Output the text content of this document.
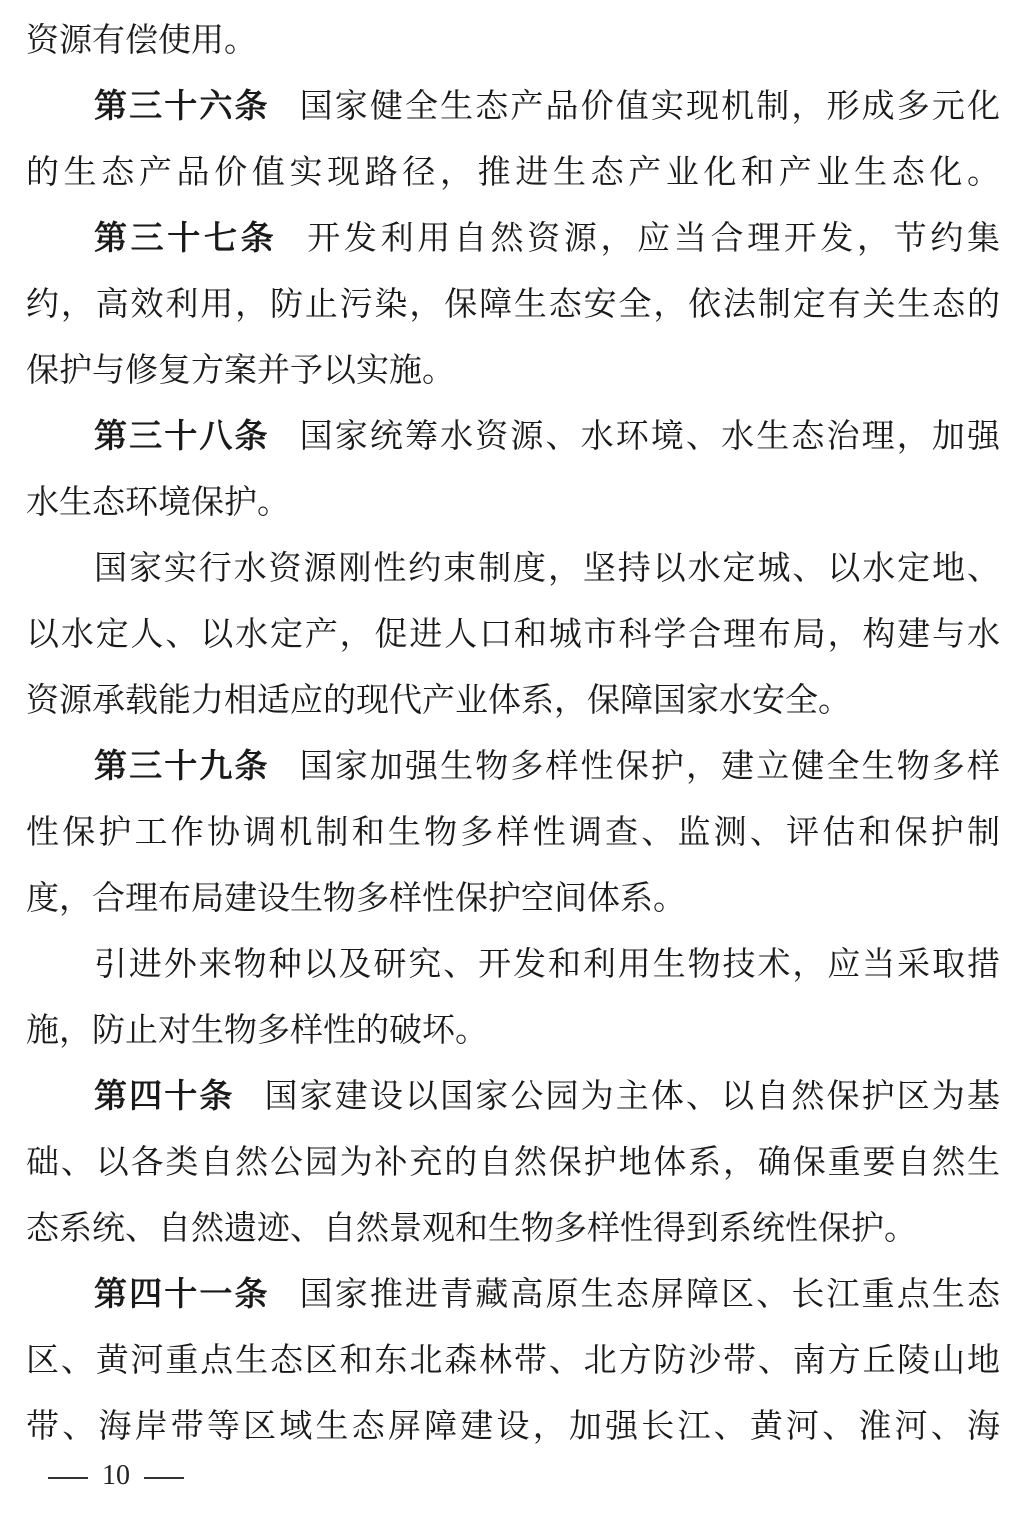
资源有偿使用。
第三十六条 国家健全生态产品价值实现机制，形成多元化
的生态产品价值实现路径，推进生态产业化和产业生态化。
第三十七条 开发利用自然资源，应当合理开发，节约集
约，高效利用，防止污染，保障生态安全，依法制定有关生态的
保护与修复方案并予以实施。
第三十八条 国家统筹水资源、水环境、水生态治理，加强
水生态环境保护。
国家实行水资源刚性约束制度，坚持以水定城、以水定地、
以水定人、以水定产，促进人口和城市科学合理布局，构建与水
资源承载能力相适应的现代产业体系，保障国家水安全。
第三十九条 国家加强生物多样性保护，建立健全生物多样
性保护工作协调机制和生物多样性调查、监测、评估和保护制
度，合理布局建设生物多样性保护空间体系。
引进外来物种以及研究、开发和利用生物技术，应当采取措
施，防止对生物多样性的破坏。
第四十条 国家建设以国家公园为主体、以自然保护区为基
础、以各类自然公园为补充的自然保护地体系，确保重要自然生
态系统、自然遗迹、自然景观和生物多样性得到系统性保护。
第四十一条 国家推进青藏高原生态屏障区、长江重点生态
区、黄河重点生态区和东北森林带、北方防沙带、南方丘陵山地
带、海岸带等区域生态屏障建设，加强长江、黄河、淮河、海
10
